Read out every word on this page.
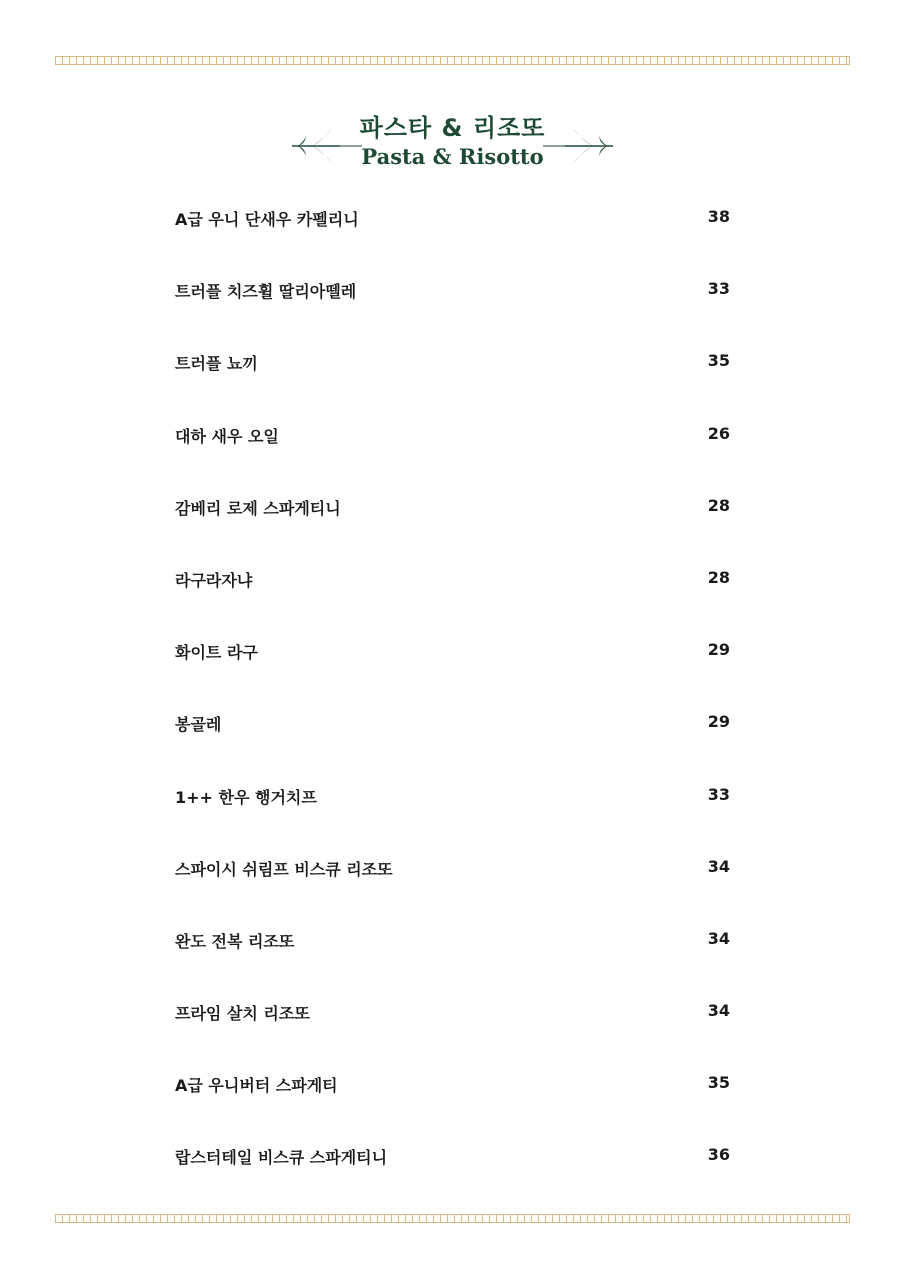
파스타 & 리조또
Pasta & Risotto
A급 우니 단새우 카펠리니	38
트러플 치즈휠 딸리아뗄레	33
트러플 뇨끼	35
대하 새우 오일	26
감베리 로제 스파게티니	28
라구라자냐	28
화이트 라구	29
봉골레	29
1++ 한우 행거치프	33
스파이시 쉬림프 비스큐 리조또	34
완도 전복 리조또	34
프라임 살치 리조또	34
A급 우니버터 스파게티	35
랍스터테일 비스큐 스파게티니	36
